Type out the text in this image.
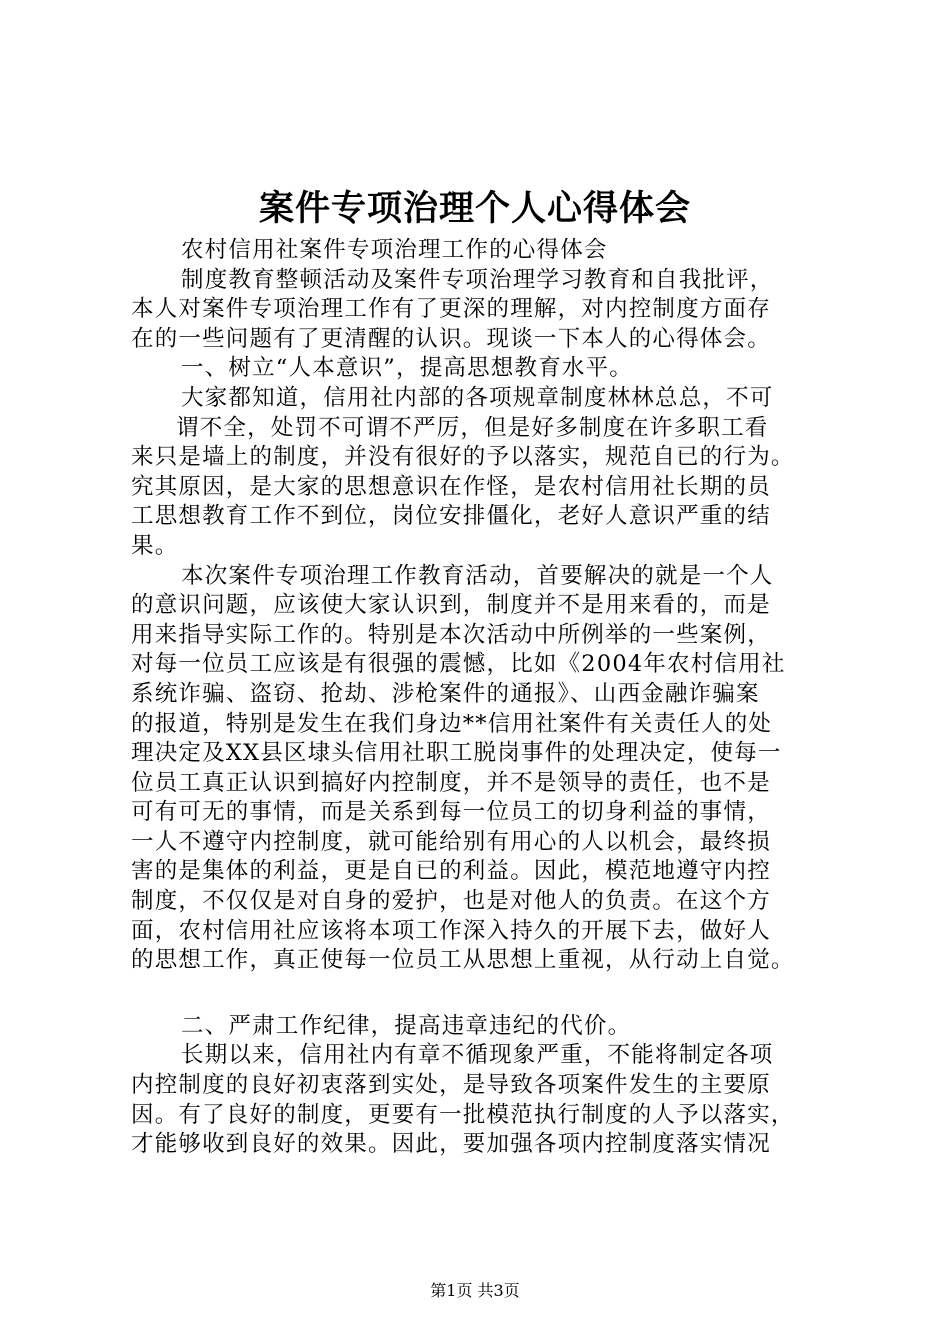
案件专项治理个人心得体会
农村信用社案件专项治理工作的心得体会
制度教育整顿活动及案件专项治理学习教育和自我批评，
本人对案件专项治理工作有了更深的理解，对内控制度方面存
在的一些问题有了更清醒的认识。现谈一下本人的心得体会。
一、树立“人本意识”，提高思想教育水平。
大家都知道，信用社内部的各项规章制度林林总总，不可
谓不全，处罚不可谓不严厉，但是好多制度在许多职工看
来只是墙上的制度，并没有很好的予以落实，规范自已的行为。
究其原因，是大家的思想意识在作怪，是农村信用社长期的员
工思想教育工作不到位，岗位安排僵化，老好人意识严重的结
果。
本次案件专项治理工作教育活动，首要解决的就是一个人
的意识问题，应该使大家认识到，制度并不是用来看的，而是
用来指导实际工作的。特别是本次活动中所例举的一些案例，
对每一位员工应该是有很强的震憾，比如《2004年农村信用社
系统诈骗、盗窃、抢劫、涉枪案件的通报》、山西金融诈骗案
的报道，特别是发生在我们身边**信用社案件有关责任人的处
理决定及XX县区埭头信用社职工脱岗事件的处理决定，使每一
位员工真正认识到搞好内控制度，并不是领导的责任，也不是
可有可无的事情，而是关系到每一位员工的切身利益的事情，
一人不遵守内控制度，就可能给别有用心的人以机会，最终损
害的是集体的利益，更是自已的利益。因此，模范地遵守内控
制度，不仅仅是对自身的爱护，也是对他人的负责。在这个方
面，农村信用社应该将本项工作深入持久的开展下去，做好人
的思想工作，真正使每一位员工从思想上重视，从行动上自觉。
二、严肃工作纪律，提高违章违纪的代价。
长期以来，信用社内有章不循现象严重，不能将制定各项
内控制度的良好初衷落到实处，是导致各项案件发生的主要原
因。有了良好的制度，更要有一批模范执行制度的人予以落实，
才能够收到良好的效果。因此，要加强各项内控制度落实情况
第1页 共3页
